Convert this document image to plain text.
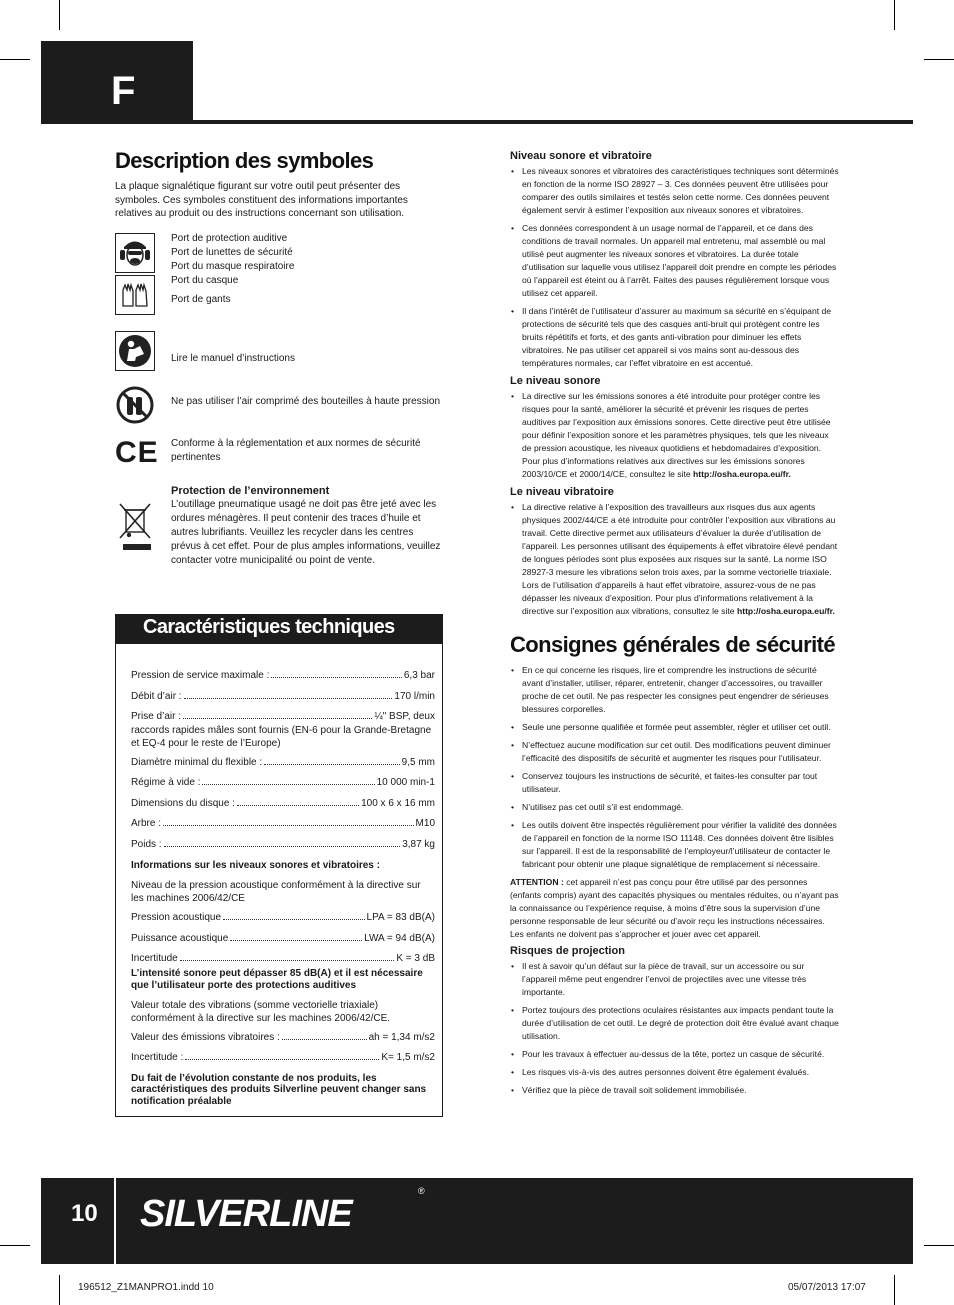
F
Description des symboles

La plaque signalétique figurant sur votre outil peut présenter des symboles. Ces symboles constituent des informations importantes relatives au produit ou des instructions concernant son utilisation.

Port de protection auditive
Port de lunettes de sécurité
Port du masque respiratoire
Port du casque
Port de gants
Lire le manuel d’instructions
Ne pas utiliser l’air comprimé des bouteilles à haute pression
CE Conforme à la réglementation et aux normes de sécurité pertinentes
Protection de l’environnement
L’outillage pneumatique usagé ne doit pas être jeté avec les ordures ménagères. Il peut contenir des traces d’huile et autres lubrifiants. Veuillez les recycler dans les centres prévus à cet effet. Pour de plus amples informations, veuillez contacter votre municipalité ou point de vente.
Caractéristiques techniques
Pression de service maximale :	6,3 bar
Débit d’air :	170 l/min
Prise d’air :	¼" BSP, deux

raccords rapides mâles sont fournis (EN-6 pour la Grande-Bretagne et EQ-4 pour le reste de l’Europe)

Diamètre minimal du flexible :	9,5 mm
Régime à vide :	10 000 min-1
Dimensions du disque :	100 x 6 x 16 mm
Arbre :	M10
Poids :	3,87 kg

Informations sur les niveaux sonores et vibratoires :

Niveau de la pression acoustique conformément à la directive sur les machines 2006/42/CE

Pression acoustique	LPA = 83 dB(A)
Puissance acoustique	LWA = 94 dB(A)
Incertitude	K = 3 dB

L’intensité sonore peut dépasser 85 dB(A) et il est nécessaire que l’utilisateur porte des protections auditives

Valeur totale des vibrations (somme vectorielle triaxiale) conformément à la directive sur les machines 2006/42/CE.

Valeur des émissions vibratoires :	ah = 1,34 m/s2
Incertitude :	K= 1,5 m/s2

Du fait de l’évolution constante de nos produits, les caractéristiques des produits Silverline peuvent changer sans notification préalable

Niveau sonore et vibratoire
• Les niveaux sonores et vibratoires des caractéristiques techniques sont déterminés en fonction de la norme ISO 28927 – 3. Ces données peuvent être utilisées pour comparer des outils similaires et testés selon cette norme. Ces données peuvent également servir à estimer l’exposition aux niveaux sonores et vibratoires.
• Ces données correspondent à un usage normal de l’appareil, et ce dans des conditions de travail normales. Un appareil mal entretenu, mal assemblé ou mal utilisé peut augmenter les niveaux sonores et vibratoires. La durée totale d’utilisation sur laquelle vous utilisez l’appareil doit prendre en compte les périodes où l’appareil est éteint ou à l’arrêt. Faites des pauses régulièrement lorsque vous utilisez cet appareil.
• Il dans l’intérêt de l’utilisateur d’assurer au maximum sa sécurité en s’équipant de protections de sécurité tels que des casques anti-bruit qui protègent contre les bruits répétitifs et forts, et des gants anti-vibration pour diminuer les effets vibratoires. Ne pas utiliser cet appareil si vos mains sont au-dessous des températures normales, car l’effet vibratoire en est accentué.
Le niveau sonore
• La directive sur les émissions sonores a été introduite pour protéger contre les risques pour la santé, améliorer la sécurité et prévenir les risques de pertes auditives par l’exposition aux émissions sonores. Cette directive peut être utilisée pour définir l’exposition sonore et les paramètres physiques, tels que les niveaux de pression acoustique, les niveaux quotidiens et hebdomadaires d’exposition. Pour plus d’informations relatives aux directives sur les émissions sonores 2003/10/CE et 2000/14/CE, consultez le site http://osha.europa.eu/fr.
Le niveau vibratoire
• La directive relative à l’exposition des travailleurs aux risques dus aux agents physiques 2002/44/CE a été introduite pour contrôler l’exposition aux vibrations au travail. Cette directive permet aux utilisateurs d’évaluer la durée d’utilisation de l’appareil. Les personnes utilisant des équipements à effet vibratoire élevé pendant de longues périodes sont plus exposées aux risques sur la santé. La norme ISO 28927-3 mesure les vibrations selon trois axes, par la somme vectorielle triaxiale. Lors de l’utilisation d’appareils à haut effet vibratoire, assurez-vous de ne pas dépasser les niveaux d’exposition. Pour plus d’informations relativement à la directive sur l’exposition aux vibrations, consultez le site http://osha.europa.eu/fr.
Consignes générales de sécurité
• En ce qui concerne les risques, lire et comprendre les instructions de sécurité avant d’installer, utiliser, réparer, entretenir, changer d’accessoires, ou travailler proche de cet outil. Ne pas respecter les consignes peut engendrer de sérieuses blessures corporelles.
• Seule une personne qualifiée et formée peut assembler, régler et utiliser cet outil.
• N’effectuez aucune modification sur cet outil. Des modifications peuvent diminuer l’efficacité des dispositifs de sécurité et augmenter les risques pour l’utilisateur.
• Conservez toujours les instructions de sécurité, et faites-les consulter par tout utilisateur.
• N’utilisez pas cet outil s’il est endommagé.
• Les outils doivent être inspectés régulièrement pour vérifier la validité des données de l’appareil en fonction de la norme ISO 11148. Ces données doivent être lisibles sur l’appareil. Il est de la responsabilité de l’employeur/l’utilisateur de contacter le fabricant pour obtenir une plaque signalétique de remplacement si nécessaire.

ATTENTION : cet appareil n’est pas conçu pour être utilisé par des personnes (enfants compris) ayant des capacités physiques ou mentales réduites, ou n’ayant pas la connaissance ou l’expérience requise, à moins d’être sous la supervision d’une personne responsable de leur sécurité ou d’avoir reçu les instructions nécessaires. Les enfants ne doivent pas s’approcher et jouer avec cet appareil.

Risques de projection
• Il est à savoir qu’un défaut sur la pièce de travail, sur un accessoire ou sur l’appareil même peut engendrer l’envoi de projectiles avec une vitesse très importante.
• Portez toujours des protections oculaires résistantes aux impacts pendant toute la durée d’utilisation de cet outil. Le degré de protection doit être évalué avant chaque utilisation.
• Pour les travaux à effectuer au-dessus de la tête, portez un casque de sécurité.
• Les risques vis-à-vis des autres personnes doivent être également évalués.
• Vérifiez que la pièce de travail soit solidement immobilisée.
10	SILVERLINE
®
196512_Z1MANPRO1.indd 10	05/07/2013 17:07
